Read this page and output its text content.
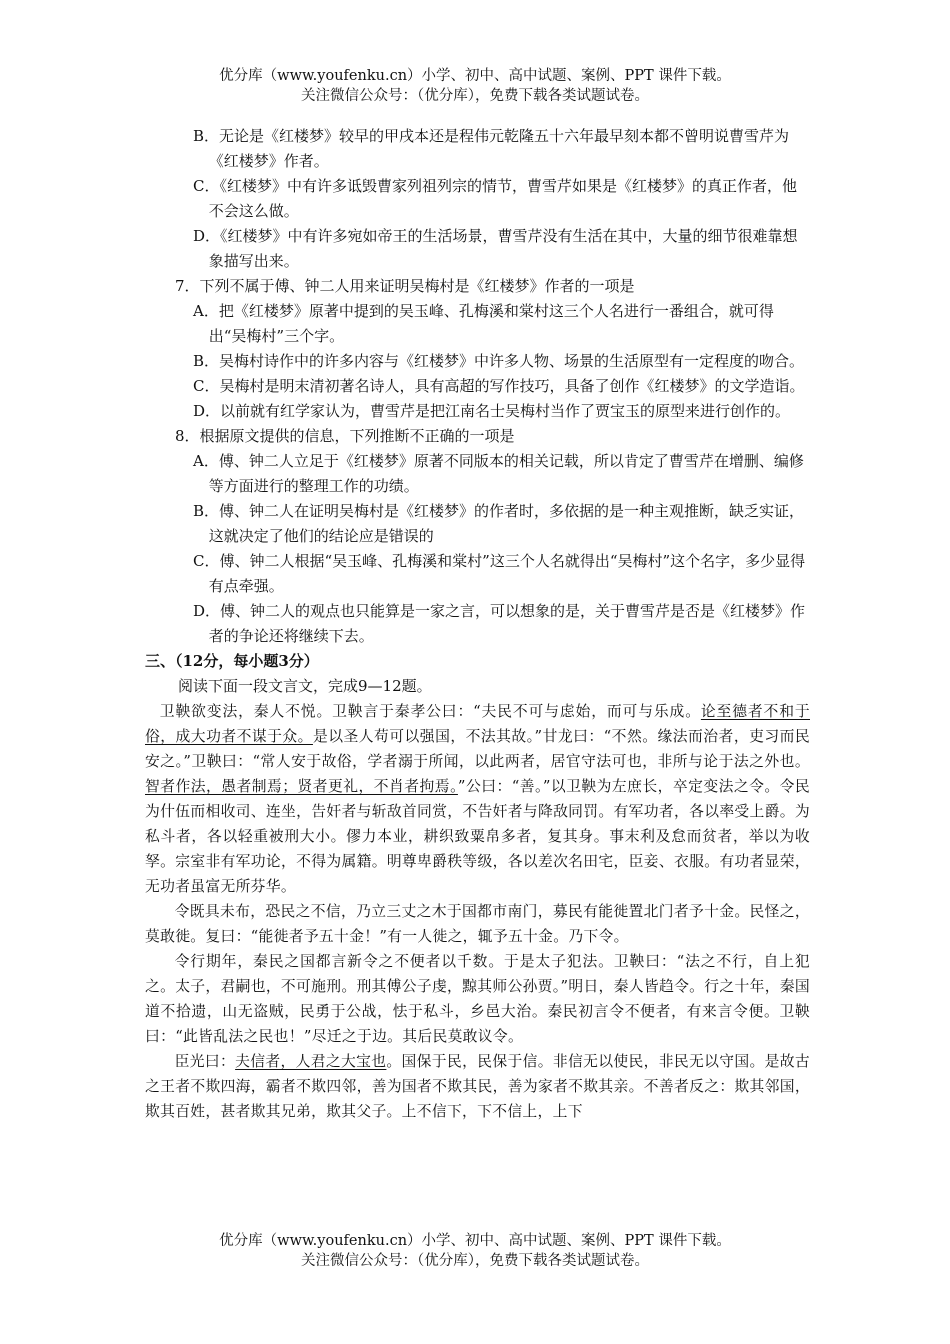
优分库（www.youfenku.cn）小学、初中、高中试题、案例、PPT 课件下载。
关注微信公众号：（优分库），免费下载各类试题试卷。

B．无论是《红楼梦》较早的甲戌本还是程伟元乾隆五十六年最早刻本都不曾明说曹雪芹为《红楼梦》作者。

C．《红楼梦》中有许多诋毁曹家列祖列宗的情节，曹雪芹如果是《红楼梦》的真正作者，他不会这么做。

D．《红楼梦》中有许多宛如帝王的生活场景，曹雪芹没有生活在其中，大量的细节很难靠想象描写出来。

7．下列不属于傅、钟二人用来证明吴梅村是《红楼梦》作者的一项是

A．把《红楼梦》原著中提到的吴玉峰、孔梅溪和棠村这三个人名进行一番组合，就可得出“吴梅村”三个字。

B．吴梅村诗作中的许多内容与《红楼梦》中许多人物、场景的生活原型有一定程度的吻合。

C．吴梅村是明末清初著名诗人，具有高超的写作技巧，具备了创作《红楼梦》的文学造诣。

D．以前就有红学家认为，曹雪芹是把江南名士吴梅村当作了贾宝玉的原型来进行创作的。

8．根据原文提供的信息，下列推断不正确的一项是

A．傅、钟二人立足于《红楼梦》原著不同版本的相关记载，所以肯定了曹雪芹在增删、编修等方面进行的整理工作的功绩。

B．傅、钟二人在证明吴梅村是《红楼梦》的作者时，多依据的是一种主观推断，缺乏实证，这就决定了他们的结论应是错误的

C．傅、钟二人根据“吴玉峰、孔梅溪和棠村”这三个人名就得出“吴梅村”这个名字，多少显得有点牵强。

D．傅、钟二人的观点也只能算是一家之言，可以想象的是，关于曹雪芹是否是《红楼梦》作者的争论还将继续下去。

三、（12分，每小题3分）

阅读下面一段文言文，完成9—12题。

卫鞅欲变法，秦人不悦。卫鞅言于秦孝公曰：“夫民不可与虑始，而可与乐成。论至德者不和于俗，成大功者不谋于众。是以圣人苟可以强国，不法其故。”甘龙曰：“不然。缘法而治者，吏习而民安之。”卫鞅曰：“常人安于故俗，学者溺于所闻，以此两者，居官守法可也，非所与论于法之外也。智者作法，愚者制焉；贤者更礼，不肖者拘焉。”公曰：“善。”以卫鞅为左庶长，卒定变法之令。令民为什伍而相收司、连坐，告奸者与斩敌首同赏，不告奸者与降敌同罚。有军功者，各以率受上爵。为私斗者，各以轻重被刑大小。僇力本业，耕织致粟帛多者，复其身。事末利及怠而贫者，举以为收孥。宗室非有军功论，不得为属籍。明尊卑爵秩等级，各以差次名田宅，臣妾、衣服。有功者显荣，无功者虽富无所芬华。

令既具未布，恐民之不信，乃立三丈之木于国都市南门，募民有能徙置北门者予十金。民怪之，莫敢徙。复曰：“能徙者予五十金！”有一人徙之，辄予五十金。乃下令。

令行期年，秦民之国都言新令之不便者以千数。于是太子犯法。卫鞅曰：“法之不行，自上犯之。太子，君嗣也，不可施刑。刑其傅公子虔，黥其师公孙贾。”明日，秦人皆趋令。行之十年，秦国道不拾遗，山无盗贼，民勇于公战，怯于私斗，乡邑大治。秦民初言令不便者，有来言令便。卫鞅曰：“此皆乱法之民也！”尽迁之于边。其后民莫敢议令。

臣光曰：夫信者，人君之大宝也。国保于民，民保于信。非信无以使民，非民无以守国。是故古之王者不欺四海，霸者不欺四邻，善为国者不欺其民，善为家者不欺其亲。不善者反之：欺其邻国，欺其百姓，甚者欺其兄弟，欺其父子。上不信下，下不信上，上下

优分库（www.youfenku.cn）小学、初中、高中试题、案例、PPT 课件下载。
关注微信公众号：（优分库），免费下载各类试题试卷。
